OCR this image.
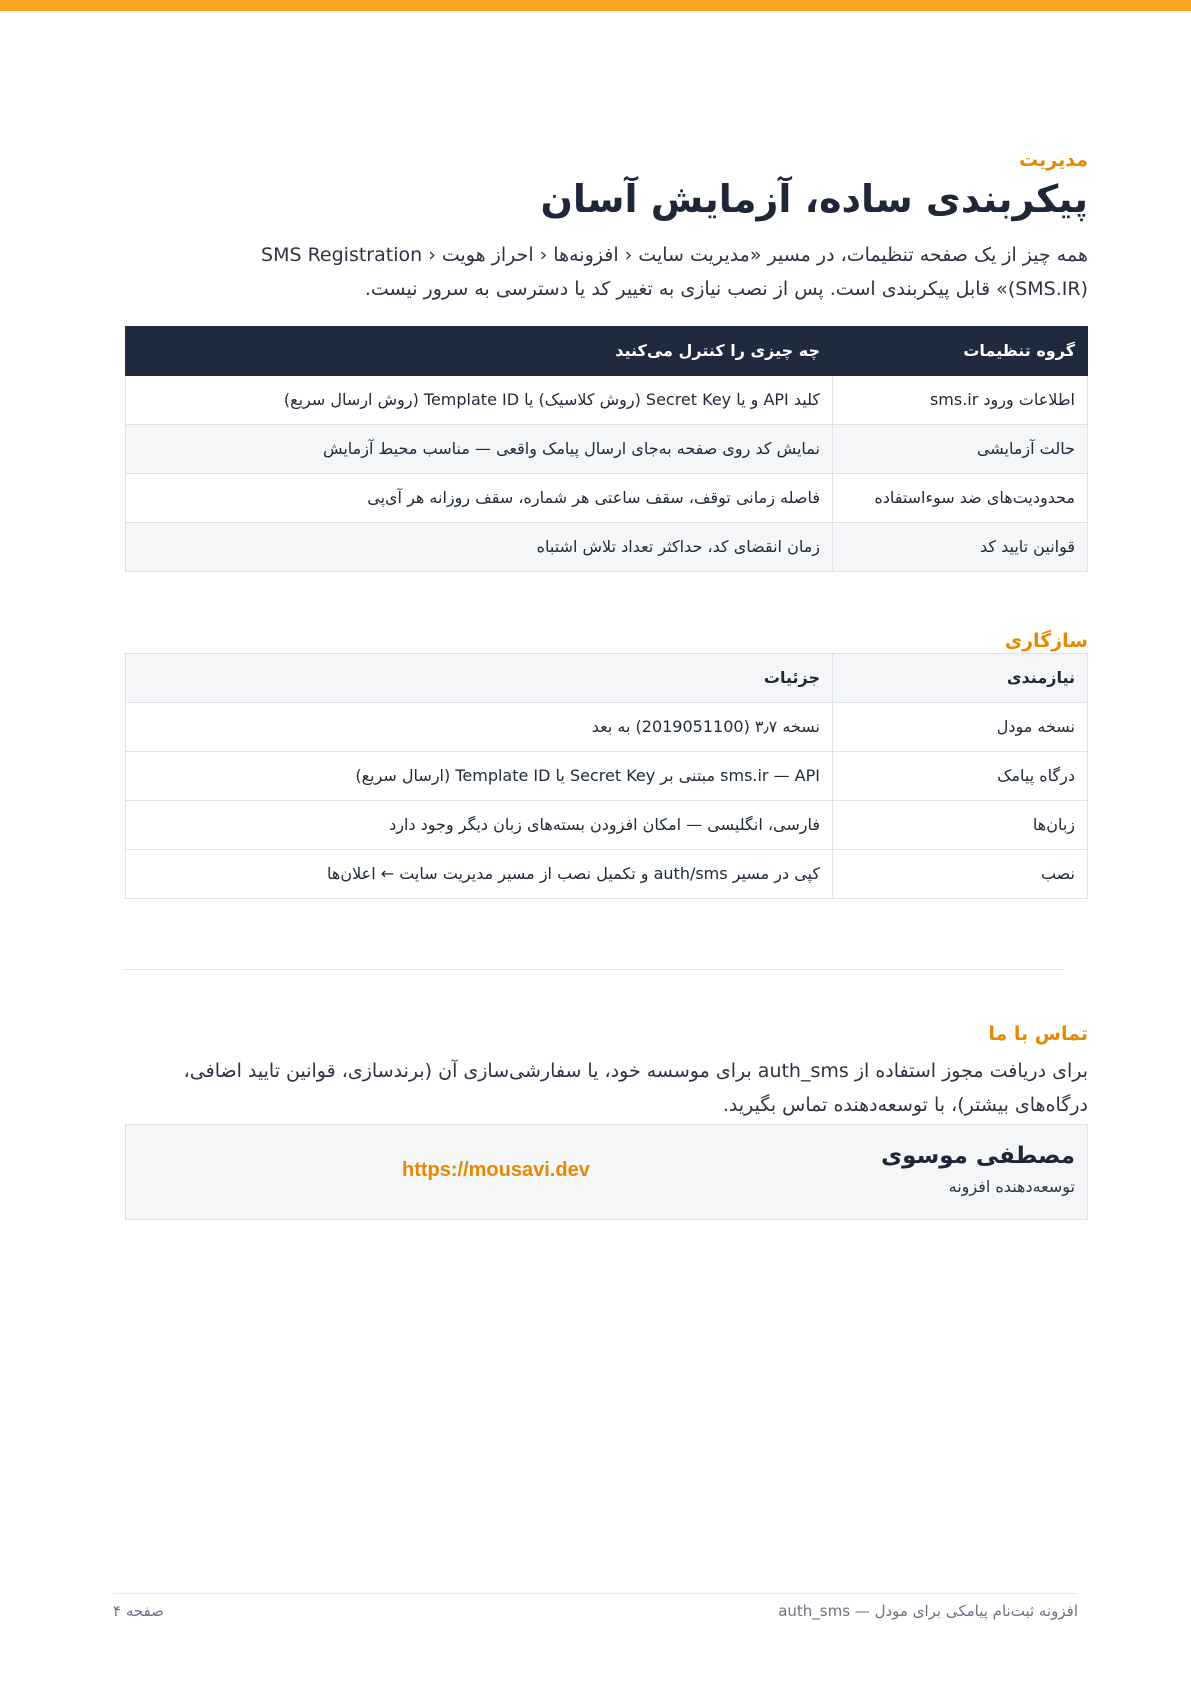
مدیریت

پیکربندی ساده، آزمایش آسان

همه چیز از یک صفحه تنظیمات، در مسیر «مدیریت سایت ‹ افزونه‌ها ‹ احراز هویت ‹ SMS Registration (SMS.IR)» قابل پیکربندی است. پس از نصب نیازی به تغییر کد یا دسترسی به سرور نیست.

گروه تنظیمات	چه چیزی را کنترل می‌کنید
اطلاعات ورود sms.ir	کلید API و یا Secret Key (روش کلاسیک) یا Template ID (روش ارسال سریع)
حالت آزمایشی	نمایش کد روی صفحه به‌جای ارسال پیامک واقعی — مناسب محیط آزمایش
محدودیت‌های ضد سوءاستفاده	فاصله زمانی توقف، سقف ساعتی هر شماره، سقف روزانه هر آی‌پی
قوانین تایید کد	زمان انقضای کد، حداکثر تعداد تلاش اشتباه

سازگاری

نیازمندی	جزئیات
نسخه مودل	نسخه ۳٫۷ (2019051100) به بعد
درگاه پیامک	sms.ir — API مبتنی بر Secret Key یا Template ID (ارسال سریع)
زبان‌ها	فارسی، انگلیسی — امکان افزودن بسته‌های زبان دیگر وجود دارد
نصب	کپی در مسیر auth/sms و تکمیل نصب از مسیر مدیریت سایت ← اعلان‌ها

تماس با ما

برای دریافت مجوز استفاده از auth_sms برای موسسه خود، یا سفارشی‌سازی آن (برندسازی، قوانین تایید اضافی، درگاه‌های بیشتر)، با توسعه‌دهنده تماس بگیرید.

مصطفی موسوی
توسعه‌دهنده افزونه
https://mousavi.dev
افزونه ثبت‌نام پیامکی برای مودل — auth_sms
صفحه ۴
